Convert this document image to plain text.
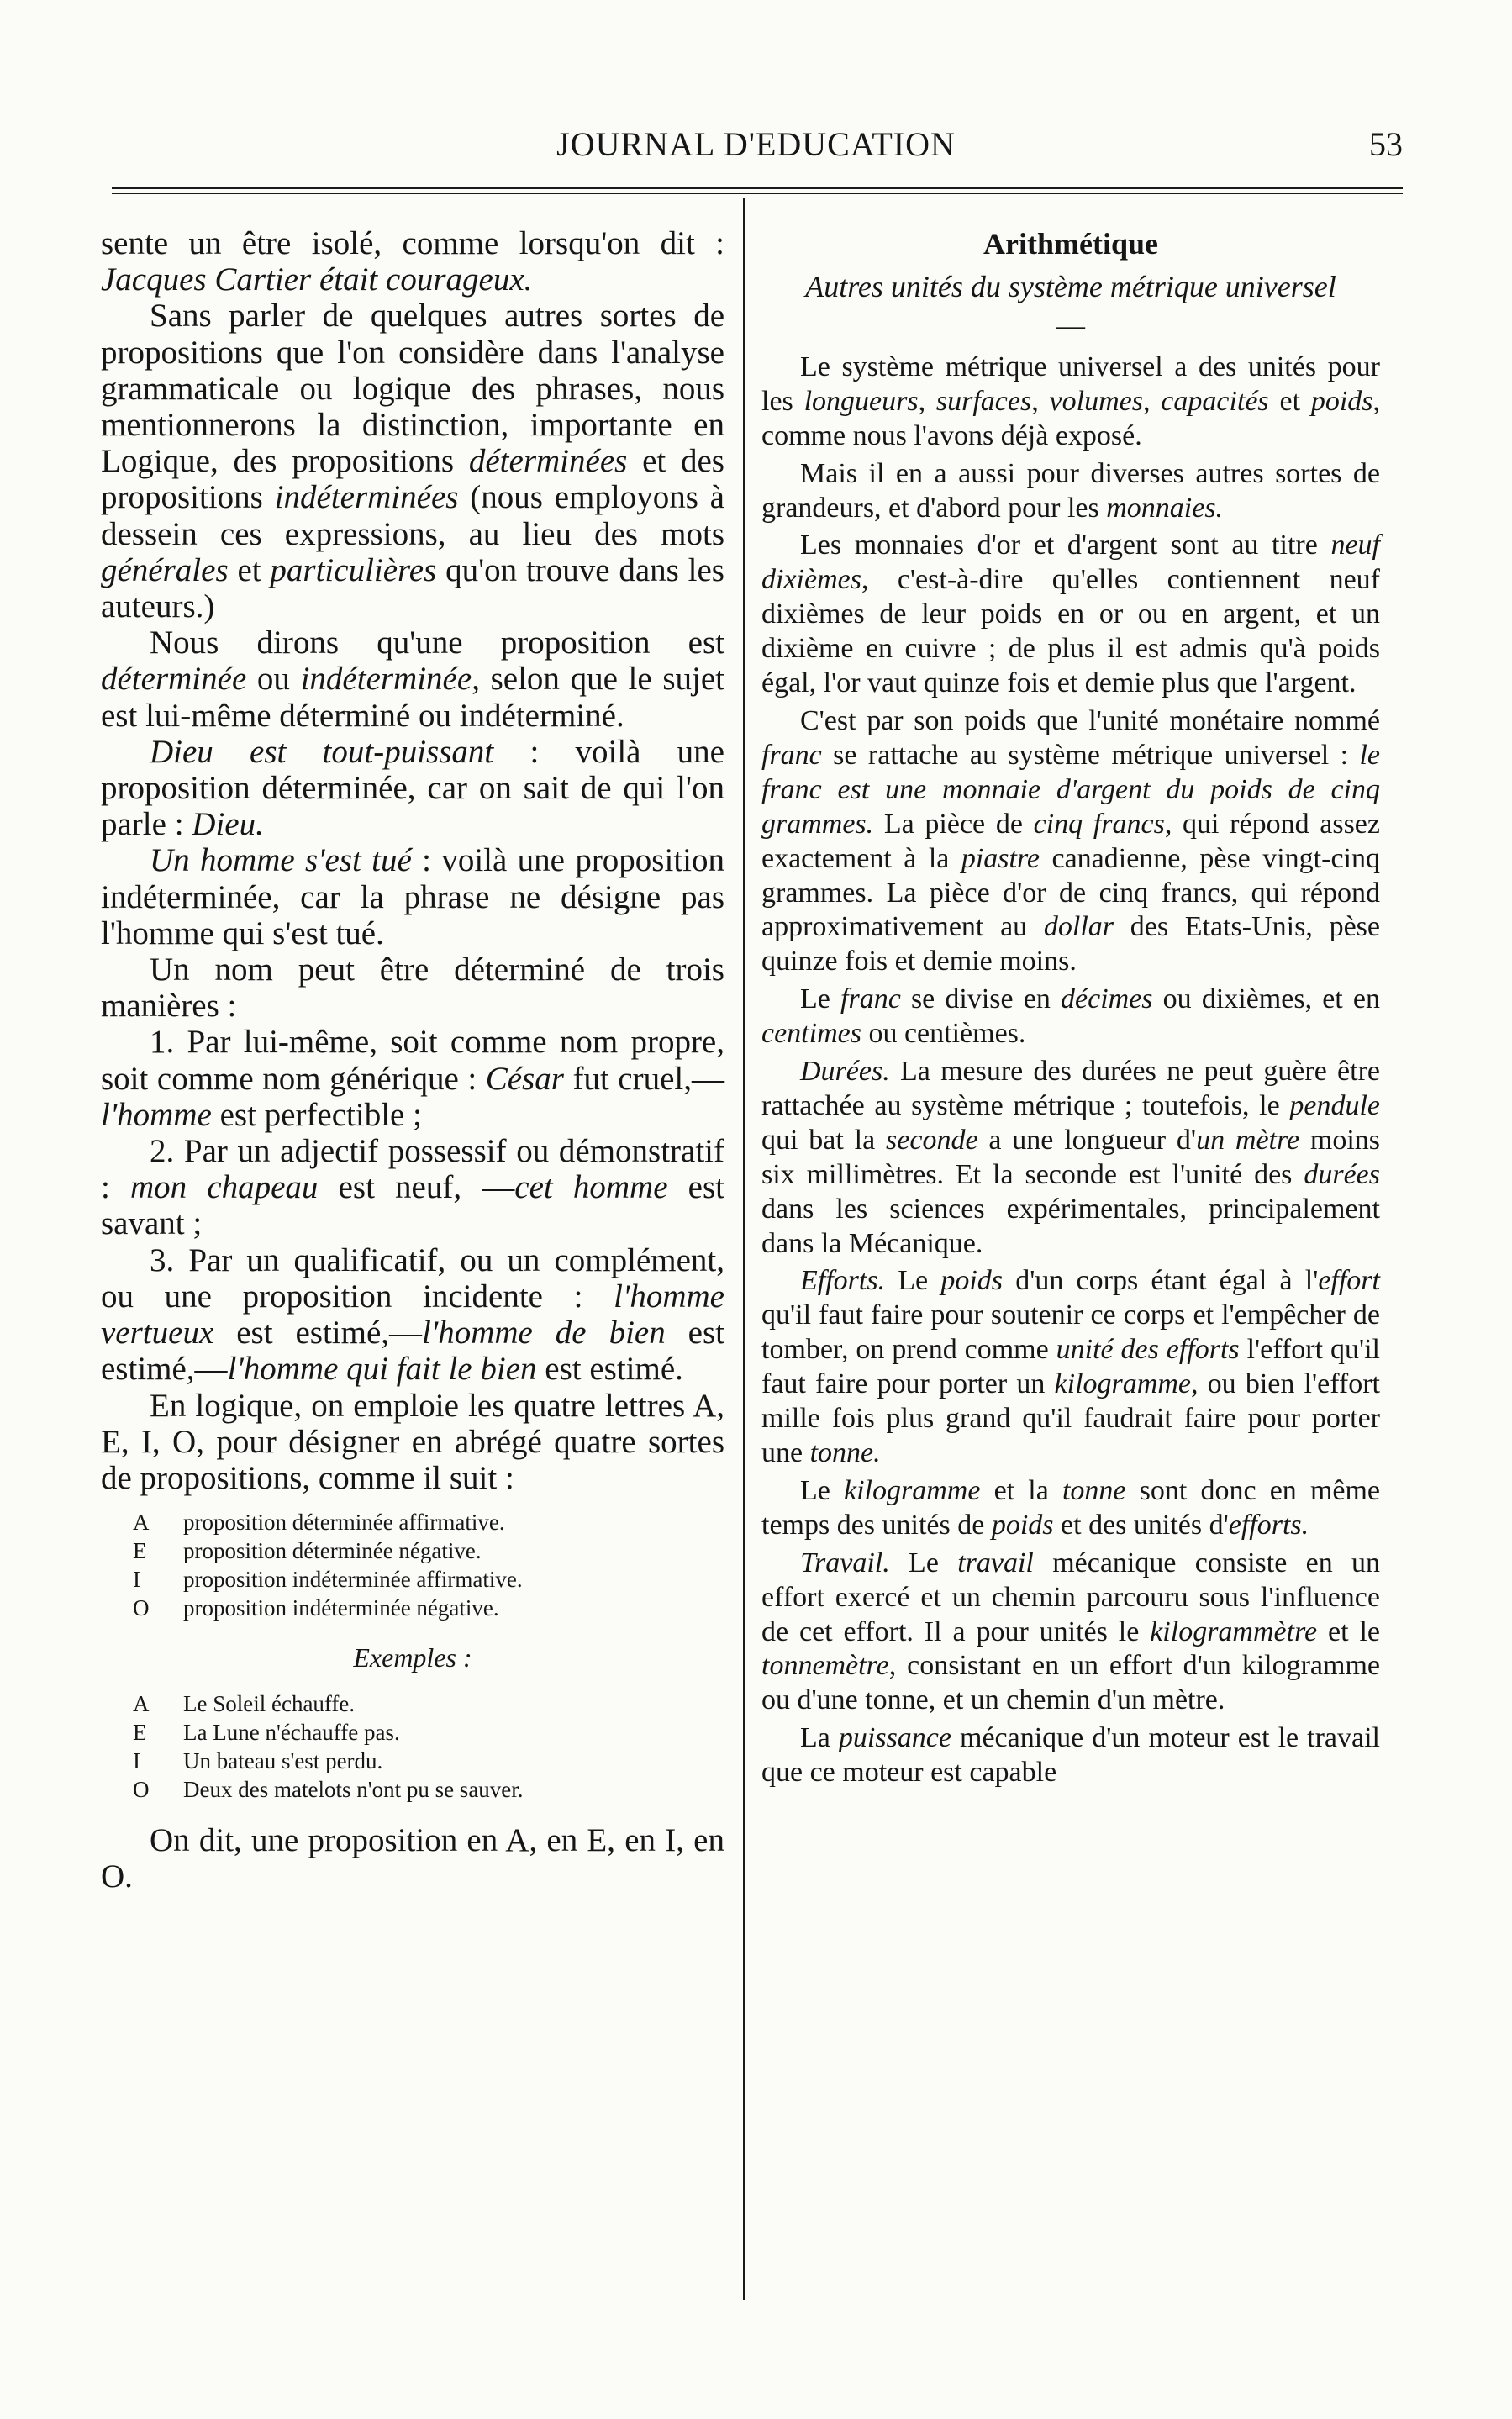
JOURNAL D'EDUCATION	53

sente un être isolé, comme lorsqu'on dit : Jacques Cartier était courageux.

Sans parler de quelques autres sortes de propositions que l'on considère dans l'analyse grammaticale ou logique des phrases, nous mentionnerons la distinction, importante en Logique, des propositions déterminées et des propositions indéterminées (nous employons à dessein ces expressions, au lieu des mots générales et particulières qu'on trouve dans les auteurs.)

Nous dirons qu'une proposition est déterminée ou indéterminée, selon que le sujet est lui-même déterminé ou indéterminé.

Dieu est tout-puissant : voilà une proposition déterminée, car on sait de qui l'on parle : Dieu.

Un homme s'est tué : voilà une proposition indéterminée, car la phrase ne désigne pas l'homme qui s'est tué.

Un nom peut être déterminé de trois manières :

1. Par lui-même, soit comme nom propre, soit comme nom générique : César fut cruel,—l'homme est perfectible ;

2. Par un adjectif possessif ou démonstratif : mon chapeau est neuf, —cet homme est savant ;

3. Par un qualificatif, ou un complément, ou une proposition incidente : l'homme vertueux est estimé,—l'homme de bien est estimé,—l'homme qui fait le bien est estimé.

En logique, on emploie les quatre lettres A, E, I, O, pour désigner en abrégé quatre sortes de propositions, comme il suit :

A	proposition déterminée affirmative.
E	proposition déterminée négative.
I	proposition indéterminée affirmative.
O	proposition indéterminée négative.
Exemples :
A	Le Soleil échauffe.
E	La Lune n'échauffe pas.
I	Un bateau s'est perdu.
O	Deux des matelots n'ont pu se sauver.

On dit, une proposition en A, en E, en I, en O.

Arithmétique
Autres unités du système métrique universel
—

Le système métrique universel a des unités pour les longueurs, surfaces, volumes, capacités et poids, comme nous l'avons déjà exposé.

Mais il en a aussi pour diverses autres sortes de grandeurs, et d'abord pour les monnaies.

Les monnaies d'or et d'argent sont au titre neuf dixièmes, c'est-à-dire qu'elles contiennent neuf dixièmes de leur poids en or ou en argent, et un dixième en cuivre ; de plus il est admis qu'à poids égal, l'or vaut quinze fois et demie plus que l'argent.

C'est par son poids que l'unité monétaire nommé franc se rattache au système métrique universel : le franc est une monnaie d'argent du poids de cinq grammes. La pièce de cinq francs, qui répond assez exactement à la piastre canadienne, pèse vingt-cinq grammes. La pièce d'or de cinq francs, qui répond approximativement au dollar des Etats-Unis, pèse quinze fois et demie moins.

Le franc se divise en décimes ou dixièmes, et en centimes ou centièmes.

Durées. La mesure des durées ne peut guère être rattachée au système métrique ; toutefois, le pendule qui bat la seconde a une longueur d'un mètre moins six millimètres. Et la seconde est l'unité des durées dans les sciences expérimentales, principalement dans la Mécanique.

Efforts. Le poids d'un corps étant égal à l'effort qu'il faut faire pour soutenir ce corps et l'empêcher de tomber, on prend comme unité des efforts l'effort qu'il faut faire pour porter un kilogramme, ou bien l'effort mille fois plus grand qu'il faudrait faire pour porter une tonne.

Le kilogramme et la tonne sont donc en même temps des unités de poids et des unités d'efforts.

Travail. Le travail mécanique consiste en un effort exercé et un chemin parcouru sous l'influence de cet effort. Il a pour unités le kilogrammètre et le tonnemètre, consistant en un effort d'un kilogramme ou d'une tonne, et un chemin d'un mètre.

La puissance mécanique d'un moteur est le travail que ce moteur est capable
